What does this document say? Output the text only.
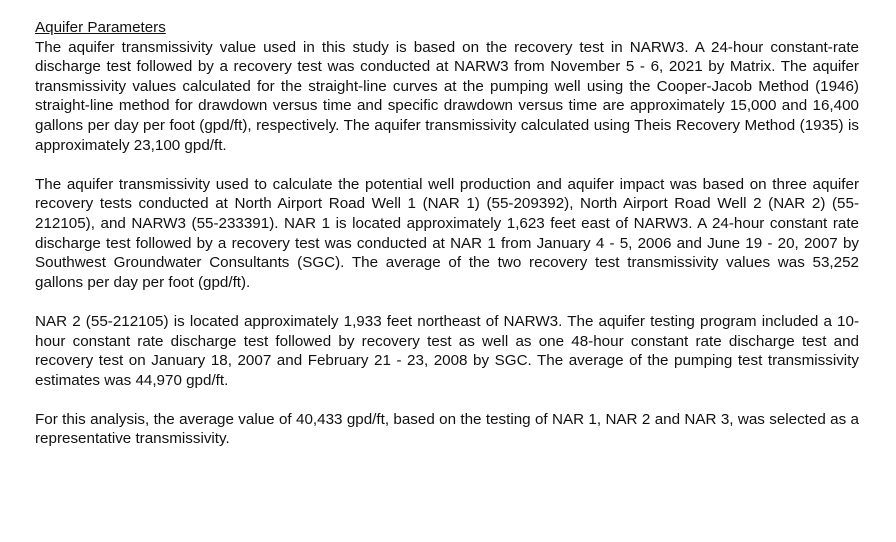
Aquifer Parameters

The aquifer transmissivity value used in this study is based on the recovery test in NARW3. A 24-hour constant-rate discharge test followed by a recovery test was conducted at NARW3 from November 5 - 6, 2021 by Matrix. The aquifer transmissivity values calculated for the straight-line curves at the pumping well using the Cooper-Jacob Method (1946) straight-line method for drawdown versus time and specific drawdown versus time are approximately 15,000 and 16,400 gallons per day per foot (gpd/ft), respectively. The aquifer transmissivity calculated using Theis Recovery Method (1935) is approximately 23,100 gpd/ft.

The aquifer transmissivity used to calculate the potential well production and aquifer impact was based on three aquifer recovery tests conducted at North Airport Road Well 1 (NAR 1) (55-209392), North Airport Road Well 2 (NAR 2) (55-212105), and NARW3 (55-233391). NAR 1 is located approximately 1,623 feet east of NARW3. A 24-hour constant rate discharge test followed by a recovery test was conducted at NAR 1 from January 4 - 5, 2006 and June 19 - 20, 2007 by Southwest Groundwater Consultants (SGC). The average of the two recovery test transmissivity values was 53,252 gallons per day per foot (gpd/ft).

NAR 2 (55-212105) is located approximately 1,933 feet northeast of NARW3. The aquifer testing program included a 10-hour constant rate discharge test followed by recovery test as well as one 48-hour constant rate discharge test and recovery test on January 18, 2007 and February 21 - 23, 2008 by SGC. The average of the pumping test transmissivity estimates was 44,970 gpd/ft.

For this analysis, the average value of 40,433 gpd/ft, based on the testing of NAR 1, NAR 2 and NAR 3, was selected as a representative transmissivity.
